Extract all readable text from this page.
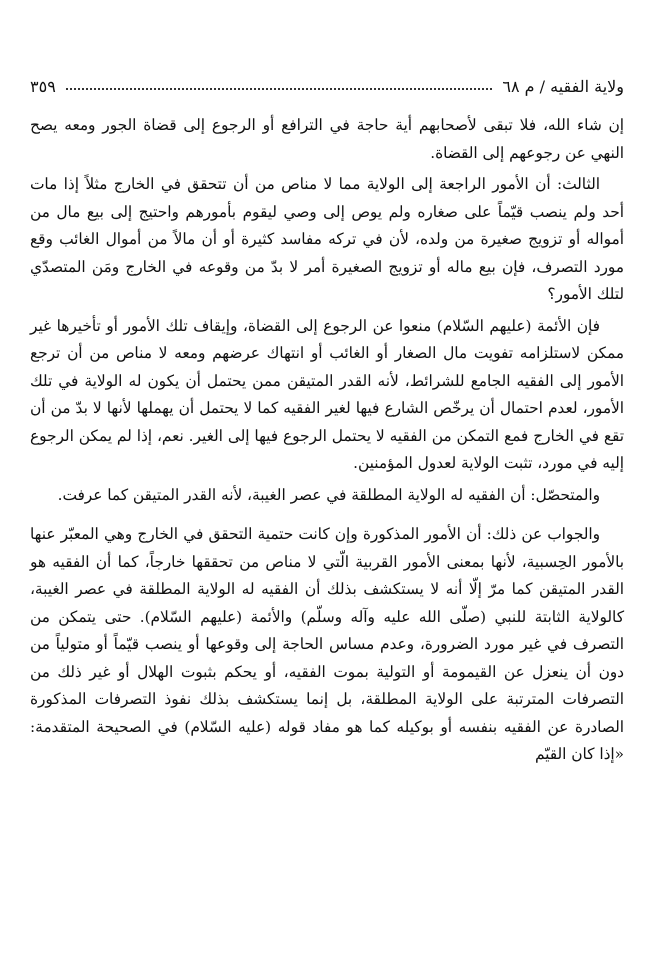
ولاية الفقيه / م ٦٨
٣٥٩

إن شاء الله، فلا تبقى لأصحابهم أية حاجة في الترافع أو الرجوع إلى قضاة الجور ومعه يصح النهي عن رجوعهم إلى القضاة.

الثالث: أن الأمور الراجعة إلى الولاية مما لا مناص من أن تتحقق في الخارج مثلاً إذا مات أحد ولم ينصب قيّماً على صغاره ولم يوص إلى وصي ليقوم بأمورهم واحتيج إلى بيع مال من أمواله أو تزويج صغيرة من ولده، لأن في تركه مفاسد كثيرة أو أن مالاً من أموال الغائب وقع مورد التصرف، فإن بيع ماله أو تزويج الصغيرة أمر لا بدّ من وقوعه في الخارج ومَن المتصدّي لتلك الأمور؟

فإن الأئمة (عليهم السّلام) منعوا عن الرجوع إلى القضاة، وإيقاف تلك الأمور أو تأخيرها غير ممكن لاستلزامه تفويت مال الصغار أو الغائب أو انتهاك عرضهم ومعه لا مناص من أن ترجع الأمور إلى الفقيه الجامع للشرائط، لأنه القدر المتيقن ممن يحتمل أن يكون له الولاية في تلك الأمور، لعدم احتمال أن يرخّص الشارع فيها لغير الفقيه كما لا يحتمل أن يهملها لأنها لا بدّ من أن تقع في الخارج فمع التمكن من الفقيه لا يحتمل الرجوع فيها إلى الغير. نعم، إذا لم يمكن الرجوع إليه في مورد، تثبت الولاية لعدول المؤمنين.

والمتحصّل: أن الفقيه له الولاية المطلقة في عصر الغيبة، لأنه القدر المتيقن كما عرفت.

والجواب عن ذلك: أن الأمور المذكورة وإن كانت حتمية التحقق في الخارج وهي المعبّر عنها بالأمور الحِسبية، لأنها بمعنى الأمور القربية الّتي لا مناص من تحققها خارجاً، كما أن الفقيه هو القدر المتيقن كما مرّ إلّا أنه لا يستكشف بذلك أن الفقيه له الولاية المطلقة في عصر الغيبة، كالولاية الثابتة للنبي (صلّى الله عليه وآله وسلّم) والأئمة (عليهم السّلام). حتى يتمكن من التصرف في غير مورد الضرورة، وعدم مساس الحاجة إلى وقوعها أو ينصب قيّماً أو متولياً من دون أن ينعزل عن القيمومة أو التولية بموت الفقيه، أو يحكم بثبوت الهلال أو غير ذلك من التصرفات المترتبة على الولاية المطلقة، بل إنما يستكشف بذلك نفوذ التصرفات المذكورة الصادرة عن الفقيه بنفسه أو بوكيله كما هو مفاد قوله (عليه السّلام) في الصحيحة المتقدمة: «إذا كان القيّم
